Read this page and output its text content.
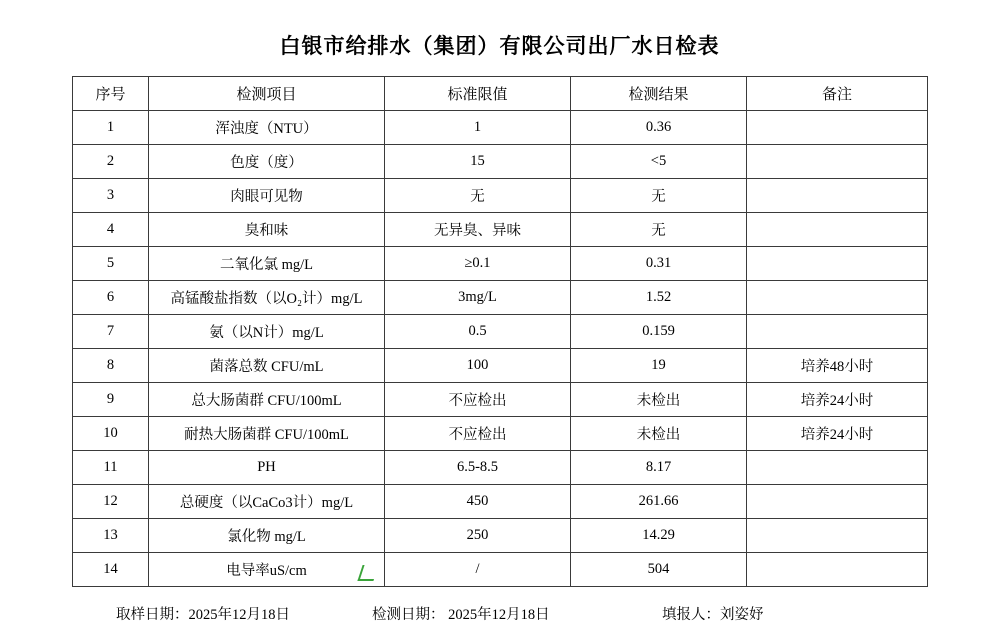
白银市给排水（集团）有限公司出厂水日检表
序号	检测项目	标准限值	检测结果	备注
1	浑浊度（NTU）	1	0.36	
2	色度（度）	15	<5	
3	肉眼可见物	无	无	
4	臭和味	无异臭、异味	无	
5	二氧化氯 mg/L	≥0.1	0.31	
6	高锰酸盐指数（以O₂计）mg/L	3mg/L	1.52	
7	氨（以N计）mg/L	0.5	0.159	
8	菌落总数 CFU/mL	100	19	培养48小时
9	总大肠菌群 CFU/100mL	不应检出	未检出	培养24小时
10	耐热大肠菌群 CFU/100mL	不应检出	未检出	培养24小时
11	PH	6.5-8.5	8.17	
12	总硬度（以CaCo3计）mg/L	450	261.66	
13	氯化物 mg/L	250	14.29	
14	电导率uS/cm	/	504	
取样日期：2025年12月18日	检测日期： 2025年12月18日	填报人：刘姿妤
